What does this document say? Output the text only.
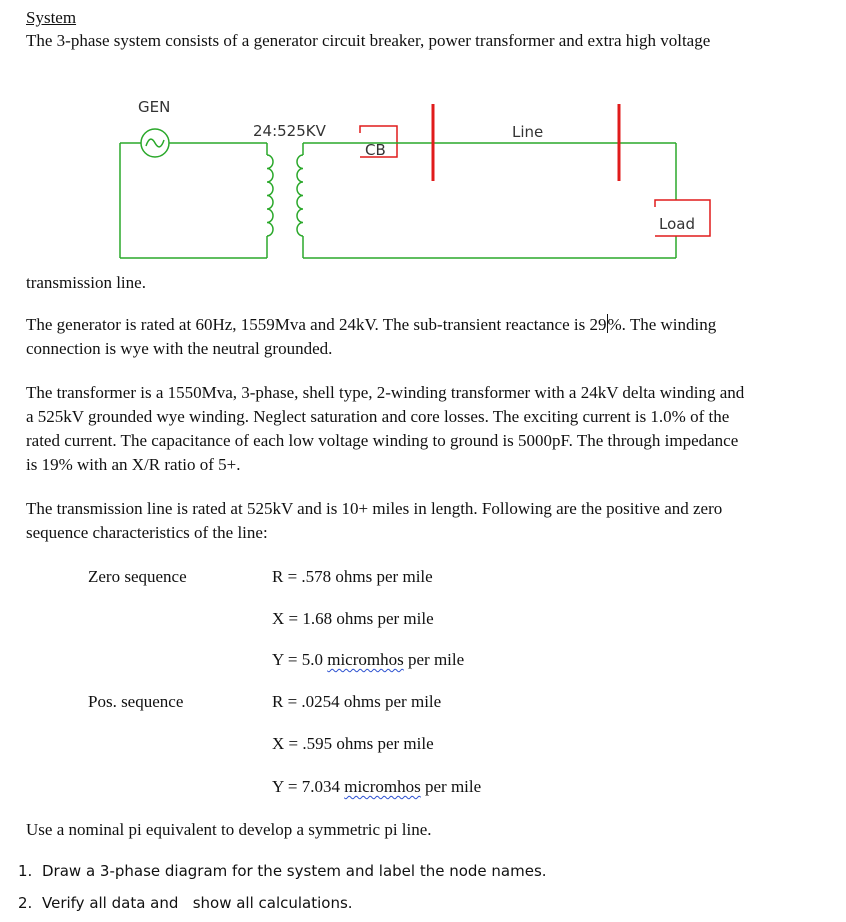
System
The 3-phase system consists of a generator circuit breaker, power transformer and extra high voltage
GEN
24:525KV
CB
Line
Load
transmission line.
The generator is rated at 60Hz, 1559Mva and 24kV. The sub-transient reactance is 29%. The winding
connection is wye with the neutral grounded.
The transformer is a 1550Mva, 3-phase, shell type, 2-winding transformer with a 24kV delta winding and
a 525kV grounded wye winding. Neglect saturation and core losses. The exciting current is 1.0% of the
rated current. The capacitance of each low voltage winding to ground is 5000pF. The through impedance
is 19% with an X/R ratio of 5+.
The transmission line is rated at 525kV and is 10+ miles in length. Following are the positive and zero
sequence characteristics of the line:
Zero sequence	R = .578 ohms per mile
X = 1.68 ohms per mile
Y = 5.0 micromhos per mile
Pos. sequence	R = .0254 ohms per mile
X = .595 ohms per mile
Y = 7.034 micromhos per mile
Use a nominal pi equivalent to develop a symmetric pi line.
1. Draw a 3-phase diagram for the system and label the node names.
2. Verify all data and   show all calculations.
